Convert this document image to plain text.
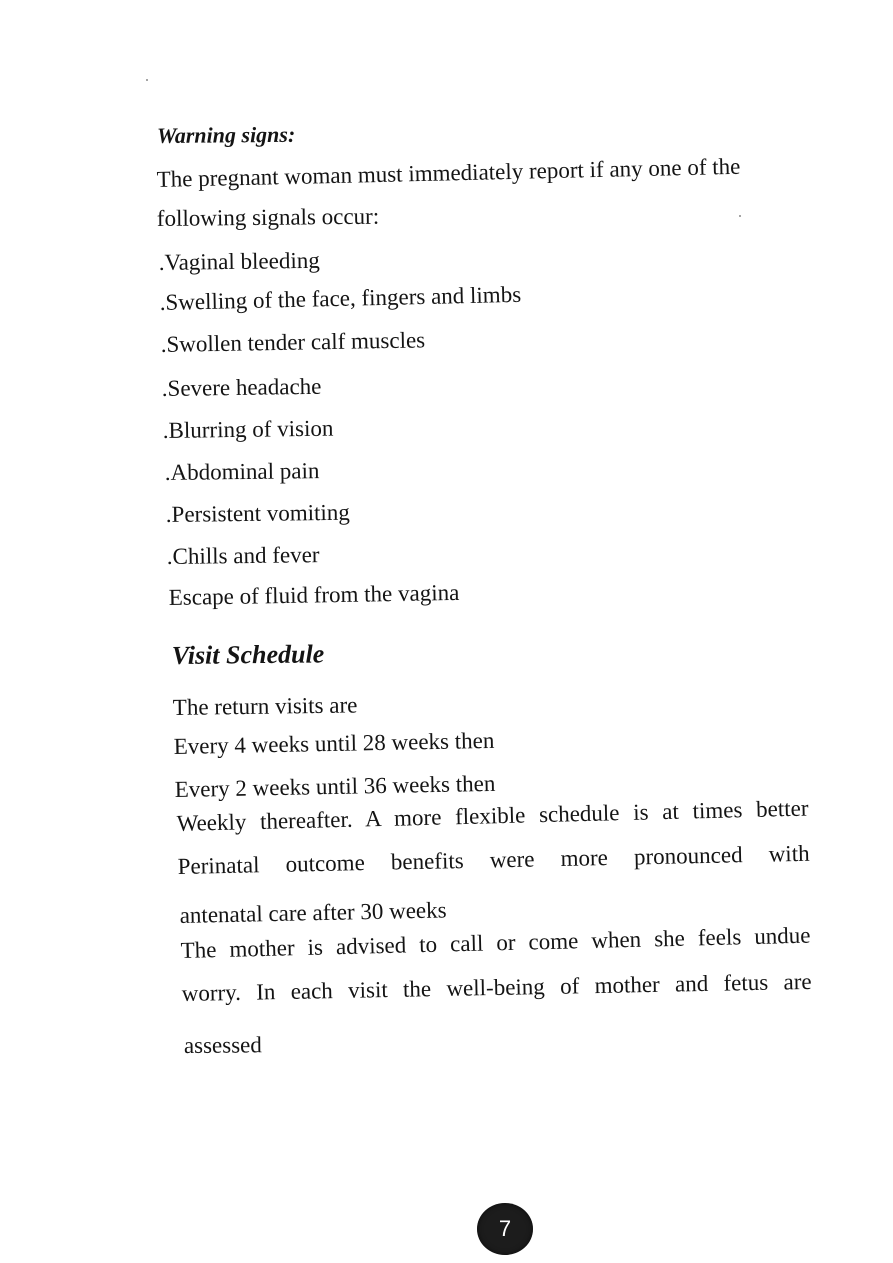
Warning signs:
The pregnant woman must immediately report if any one of the
following signals occur:
.Vaginal bleeding
.Swelling of the face, fingers and limbs
.Swollen tender calf muscles
.Severe headache
.Blurring of vision
.Abdominal pain
.Persistent vomiting
.Chills and fever
Escape of fluid from the vagina
Visit Schedule
The return visits are
Every 4 weeks until 28 weeks then
Every 2 weeks until 36 weeks then
Weekly thereafter. A more flexible schedule is at times better
Perinatal outcome benefits were more pronounced with
antenatal care after 30 weeks
The mother is advised to call or come when she feels undue
worry. In each visit the well-being of mother and fetus are
assessed
7
